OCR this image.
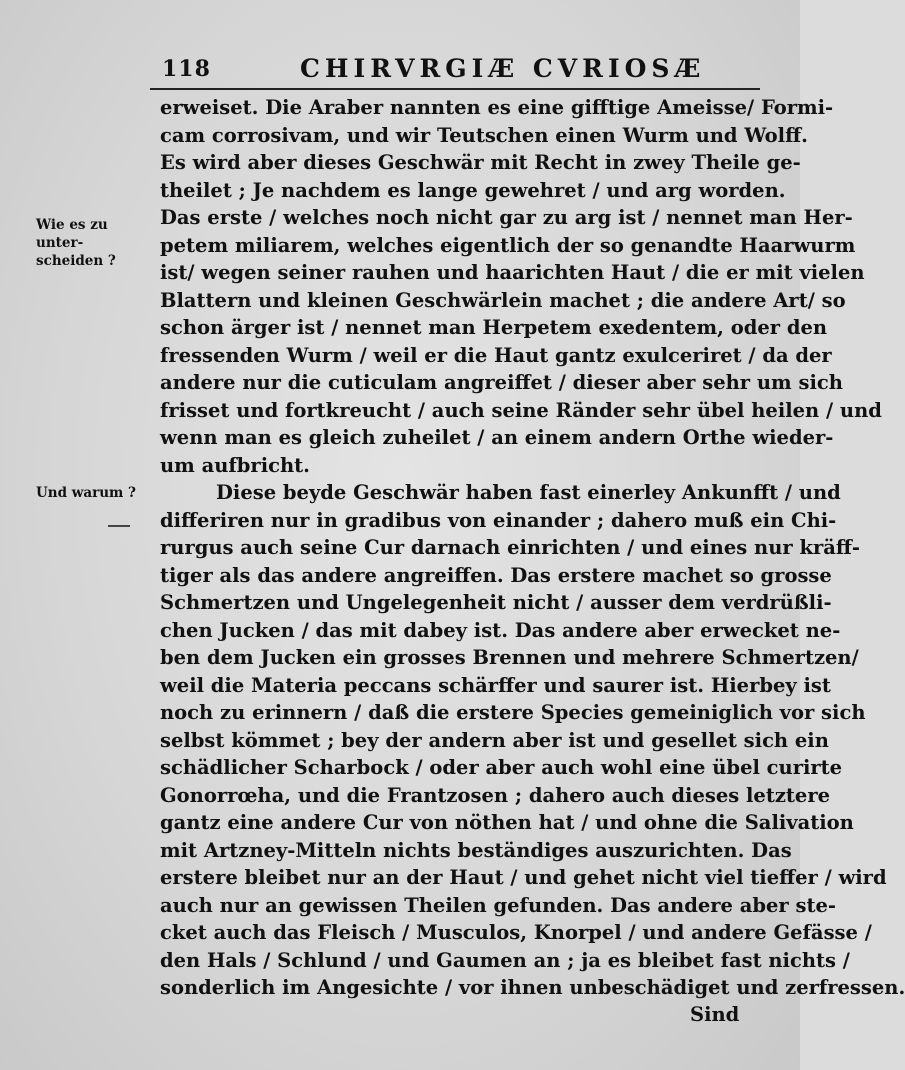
118	CHIRVRGIÆ CVRIOSÆ

Wie es zu unter-
scheiden ?
Und warum ?
erweiset. Die Araber nannten es eine gifftige Ameisse/ Formi-
cam corrosivam, und wir Teutschen einen Wurm und Wolff.
Es wird aber dieses Geschwär mit Recht in zwey Theile ge-
theilet ; Je nachdem es lange gewehret / und arg worden.
Das erste / welches noch nicht gar zu arg ist / nennet man Her-
petem miliarem, welches eigentlich der so genandte Haarwurm
ist/ wegen seiner rauhen und haarichten Haut / die er mit vielen
Blattern und kleinen Geschwärlein machet ; die andere Art/ so
schon ärger ist / nennet man Herpetem exedentem, oder den
fressenden Wurm / weil er die Haut gantz exulceriret / da der
andere nur die cuticulam angreiffet / dieser aber sehr um sich
frisset und fortkreucht / auch seine Ränder sehr übel heilen / und
wenn man es gleich zuheilet / an einem andern Orthe wieder-
um aufbricht.
Diese beyde Geschwär haben fast einerley Ankunfft / und
differiren nur in gradibus von einander ; dahero muß ein Chi-
rurgus auch seine Cur darnach einrichten / und eines nur kräff-
tiger als das andere angreiffen. Das erstere machet so grosse
Schmertzen und Ungelegenheit nicht / ausser dem verdrüßli-
chen Jucken / das mit dabey ist. Das andere aber erwecket ne-
ben dem Jucken ein grosses Brennen und mehrere Schmertzen/
weil die Materia peccans schärffer und saurer ist. Hierbey ist
noch zu erinnern / daß die erstere Species gemeiniglich vor sich
selbst kömmet ; bey der andern aber ist und gesellet sich ein
schädlicher Scharbock / oder aber auch wohl eine übel curirte
Gonorrœha, und die Frantzosen ; dahero auch dieses letztere
gantz eine andere Cur von nöthen hat / und ohne die Salivation
mit Artzney-Mitteln nichts beständiges auszurichten. Das
erstere bleibet nur an der Haut / und gehet nicht viel tieffer / wird
auch nur an gewissen Theilen gefunden. Das andere aber ste-
cket auch das Fleisch / Musculos, Knorpel / und andere Gefässe /
den Hals / Schlund / und Gaumen an ; ja es bleibet fast nichts /
sonderlich im Angesichte / vor ihnen unbeschädiget und zerfressen.
Sind
